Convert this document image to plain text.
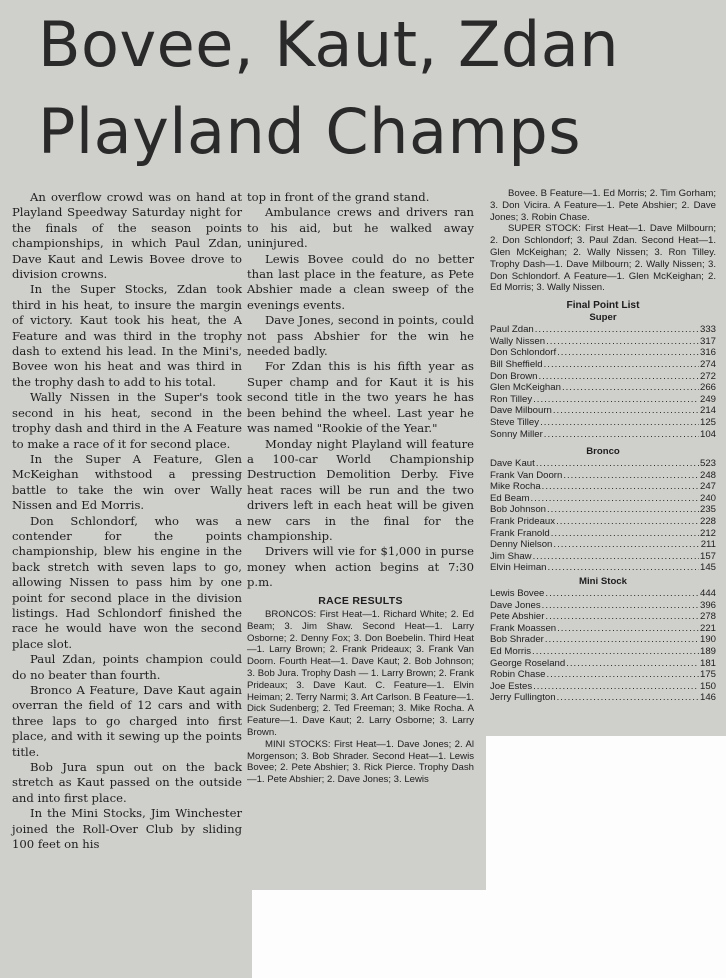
Bovee, Kaut, Zdan
Playland Champs

An overflow crowd was on hand at Playland Speedway Saturday night for the finals of the season points championships, in which Paul Zdan, Dave Kaut and Lewis Bovee drove to division crowns.

In the Super Stocks, Zdan took third in his heat, to insure the margin of victory. Kaut took his heat, the A Feature and was third in the trophy dash to extend his lead. In the Mini's, Bovee won his heat and was third in the trophy dash to add to his total.

Wally Nissen in the Super's took second in his heat, second in the trophy dash and third in the A Feature to make a race of it for second place.

In the Super A Feature, Glen McKeighan withstood a pressing battle to take the win over Wally Nissen and Ed Morris.

Don Schlondorf, who was a contender for the points championship, blew his engine in the back stretch with seven laps to go, allowing Nissen to pass him by one point for second place in the division listings. Had Schlondorf finished the race he would have won the second place slot.

Paul Zdan, points champion could do no beater than fourth.

Bronco A Feature, Dave Kaut again overran the field of 12 cars and with three laps to go charged into first place, and with it sewing up the points title.

Bob Jura spun out on the back stretch as Kaut passed on the outside and into first place.

In the Mini Stocks, Jim Winchester joined the Roll-Over Club by sliding 100 feet on his

top in front of the grand stand.

Ambulance crews and drivers ran to his aid, but he walked away uninjured.

Lewis Bovee could do no better than last place in the feature, as Pete Abshier made a clean sweep of the evenings events.

Dave Jones, second in points, could not pass Abshier for the win he needed badly.

For Zdan this is his fifth year as Super champ and for Kaut it is his second title in the two years he has been behind the wheel. Last year he was named "Rookie of the Year."

Monday night Playland will feature a 100-car World Championship Destruction Demolition Derby. Five heat races will be run and the two drivers left in each heat will be given new cars in the final for the championship.

Drivers will vie for $1,000 in purse money when action begins at 7:30 p.m.

RACE RESULTS

BRONCOS: First Heat—1. Richard White; 2. Ed Beam; 3. Jim Shaw. Second Heat—1. Larry Osborne; 2. Denny Fox; 3. Don Boebelin. Third Heat—1. Larry Brown; 2. Frank Prideaux; 3. Frank Van Doorn. Fourth Heat—1. Dave Kaut; 2. Bob Johnson; 3. Bob Jura. Trophy Dash — 1. Larry Brown; 2. Frank Prideaux; 3. Dave Kaut. C. Feature—1. Elvin Heiman; 2. Terry Narmi; 3. Art Carlson. B Feature—1. Dick Sudenberg; 2. Ted Freeman; 3. Mike Rocha. A Feature—1. Dave Kaut; 2. Larry Osborne; 3. Larry Brown.

MINI STOCKS: First Heat—1. Dave Jones; 2. Al Morgenson; 3. Bob Shrader. Second Heat—1. Lewis Bovee; 2. Pete Abshier; 3. Rick Pierce. Trophy Dash—1. Pete Abshier; 2. Dave Jones; 3. Lewis

Bovee. B Feature—1. Ed Morris; 2. Tim Gorham; 3. Don Vicira. A Feature—1. Pete Abshier; 2. Dave Jones; 3. Robin Chase.

SUPER STOCK: First Heat—1. Dave Milbourn; 2. Don Schlondorf; 3. Paul Zdan. Second Heat—1. Glen McKeighan; 2. Wally Nissen; 3. Ron Tilley. Trophy Dash—1. Dave Milbourn; 2. Wally Nissen; 3. Don Schlondorf. A Feature—1. Glen McKeighan; 2. Ed Morris; 3. Wally Nissen.

Final Point List
Super
Paul Zdan .....	333
Wally Nissen .....	317
Don Schlondorf .....	316
Bill Sheffield .....	274
Don Brown .....	272
Glen McKeighan .....	266
Ron Tilley .....	249
Dave Milbourn .....	214
Steve Tilley .....	125
Sonny Miller .....	104
Bronco
Dave Kaut .....	523
Frank Van Doorn .....	248
Mike Rocha .....	247
Ed Beam .....	240
Bob Johnson .....	235
Frank Prideaux .....	228
Frank Franold .....	212
Denny Nielson .....	211
Jim Shaw .....	157
Elvin Heiman .....	145
Mini Stock
Lewis Bovee .....	444
Dave Jones .....	396
Pete Abshier .....	278
Frank Moassen .....	221
Bob Shrader .....	190
Ed Morris .....	189
George Roseland .....	181
Robin Chase .....	175
Joe Estes .....	150
Jerry Fullington .....	146
